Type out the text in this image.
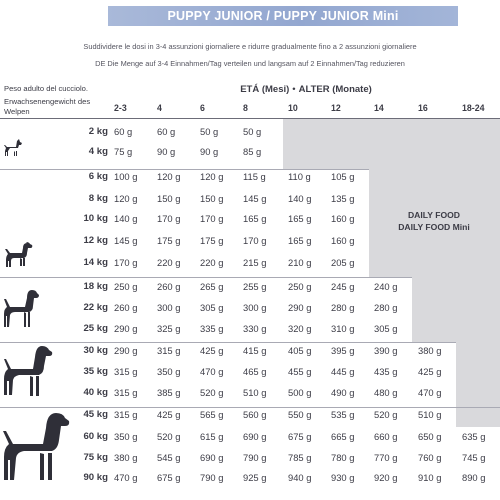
PUPPY JUNIOR / PUPPY JUNIOR Mini
Suddividere le dosi in 3-4 assunzioni giornaliere e ridurre gradualmente fino a 2 assunzioni giornaliere
DE Die Menge auf 3-4 Einnahmen/Tag verteilen und langsam auf 2 Einnahmen/Tag reduzieren
Peso adulto del cucciolo.
Erwachsenengewicht des Welpen
ETÁ (Mesi) • ALTER (Monate)
2-3	4	6	8	10	12	14	16	18-24
DAILY FOOD
DAILY FOOD Mini
2 kg 60 g	60 g	50 g	50 g
4 kg 75 g	90 g	90 g	85 g
6 kg 100 g 120 g 120 g 115 g 110 g 105 g
8 kg 120 g 150 g 150 g 145 g 140 g 135 g
10 kg 140 g 170 g 170 g 165 g 165 g 160 g
12 kg 145 g 175 g 175 g 170 g 165 g 160 g
14 kg 170 g 220 g 220 g 215 g 210 g 205 g
18 kg 250 g 260 g 265 g 255 g 250 g 245 g 240 g
22 kg 260 g 300 g 305 g 300 g 290 g 280 g 280 g
25 kg 290 g 325 g 335 g 330 g 320 g 310 g 305 g
30 kg 290 g 315 g 425 g 415 g 405 g 395 g 390 g 380 g
35 kg 315 g 350 g 470 g 465 g 455 g 445 g 435 g 425 g
40 kg 315 g 385 g 520 g 510 g 500 g 490 g 480 g 470 g
45 kg 315 g 425 g 565 g 560 g 550 g 535 g 520 g 510 g
60 kg 350 g 520 g 615 g 690 g 675 g 665 g 660 g 650 g 635 g
75 kg 380 g 545 g 690 g 790 g 785 g 780 g 770 g 760 g 745 g
90 kg 470 g 675 g 790 g 925 g 940 g 930 g 920 g 910 g 890 g
